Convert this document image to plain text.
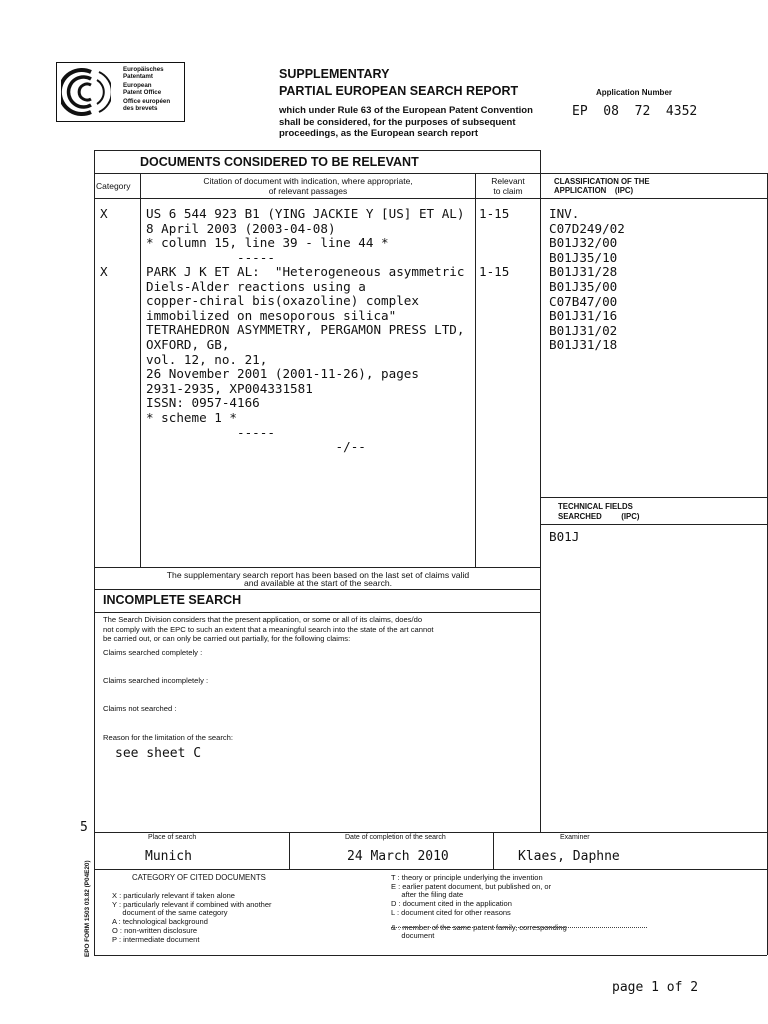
Europäisches
Patentamt
European
Patent Office
Office européen
des brevets
SUPPLEMENTARY
PARTIAL EUROPEAN SEARCH REPORT	Application Number
EP  08  72  4352
which under Rule 63 of the European Patent Convention
shall be considered, for the purposes of subsequent
proceedings, as the European search report
DOCUMENTS CONSIDERED TO BE RELEVANT
Category	Citation of document with indication, where appropriate,
of relevant passages
Relevant
to claim
CLASSIFICATION OF THE
APPLICATION    (IPC)
X	US 6 544 923 B1 (YING JACKIE Y [US] ET AL)
8 April 2003 (2003-04-08)
* column 15, line 39 - line 44 *
-----
1-15
X	PARK J K ET AL:  "Heterogeneous asymmetric
Diels-Alder reactions using a
copper-chiral bis(oxazoline) complex
immobilized on mesoporous silica"
TETRAHEDRON ASYMMETRY, PERGAMON PRESS LTD,
OXFORD, GB,
vol. 12, no. 21,
26 November 2001 (2001-11-26), pages
2931-2935, XP004331581
ISSN: 0957-4166
* scheme 1 *
-----
-/--
1-15
INV.
C07D249/02
B01J32/00
B01J35/10
B01J31/28
B01J35/00
C07B47/00
B01J31/16
B01J31/02
B01J31/18
TECHNICAL FIELDS
SEARCHED         (IPC)
B01J
The supplementary search report has been based on the last set of claims valid
and available at the start of the search.
INCOMPLETE SEARCH
The Search Division considers that the present application, or some or all of its claims, does/do
not comply with the EPC to such an extent that a meaningful search into the state of the art cannot
be carried out, or can only be carried out partially, for the following claims:
Claims searched completely :
Claims searched incompletely :
Claims not searched :
Reason for the limitation of the search:
see sheet C
5
EPO FORM 1503 03.82 (P04E20)
Place of search
Munich
Date of completion of the search
24 March 2010
Examiner
Klaes, Daphne
CATEGORY OF CITED DOCUMENTS
X : particularly relevant if taken alone
Y : particularly relevant if combined with another
document of the same category
A : technological background
O : non-written disclosure
P : intermediate document
T : theory or principle underlying the invention
E : earlier patent document, but published on, or
after the filing date
D : document cited in the application
L : document cited for other reasons
& : member of the same patent family, corresponding
document
page 1 of 2
